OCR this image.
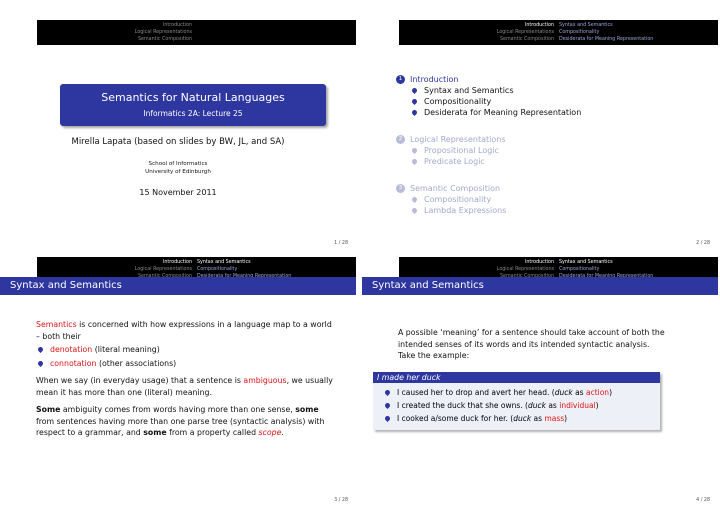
Introduction
Logical Representations
Semantic Composition
Semantics for Natural Languages
Informatics 2A: Lecture 25
Mirella Lapata (based on slides by BW, JL, and SA)
School of Informatics
University of Edinburgh
15 November 2011
1 / 28
Introduction
Logical Representations
Semantic Composition
Syntax and Semantics
Compositionality
Desiderata for Meaning Representation
1 Introduction
Syntax and Semantics
Compositionality
Desiderata for Meaning Representation
2 Logical Representations
Propositional Logic
Predicate Logic
3 Semantic Composition
Compositionality
Lambda Expressions
2 / 28
Introduction
Logical Representations
Syntax and Semantics
Compositionality
Syntax and Semantics

Semantics is concerned with how expressions in a language map to a world – both their

denotation (literal meaning)
connotation (other associations)

When we say (in everyday usage) that a sentence is ambiguous, we usually mean it has more than one (literal) meaning.

Some ambiguity comes from words having more than one sense, some from sentences having more than one parse tree (syntactic analysis) with respect to a grammar, and some from a property called scope.

3 / 28
Introduction
Logical Representations
Syntax and Semantics
Compositionality
Syntax and Semantics

A possible ‘meaning’ for a sentence should take account of both the intended senses of its words and its intended syntactic analysis.

Take the example:

I made her duck
I caused her to drop and avert her head. (duck as action)
I created the duck that she owns. (duck as individual)
I cooked a/some duck for her. (duck as mass)
4 / 28
